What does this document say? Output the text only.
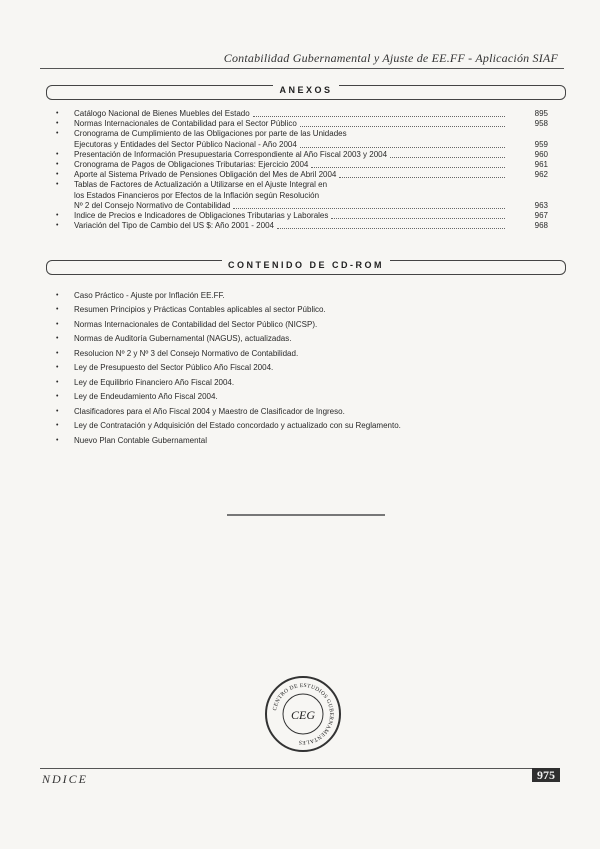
Contabilidad Gubernamental y Ajuste de EE.FF - Aplicación SIAF
ANEXOS
•	Catálogo Nacional de Bienes Muebles del Estado	895
•	Normas Internacionales de Contabilidad para el Sector Público	958
•	Cronograma de Cumplimiento de las Obligaciones por parte de las Unidades
Ejecutoras y Entidades del Sector Público Nacional - Año 2004	959
•	Presentación de Información Presupuestaria Correspondiente al Año Fiscal 2003 y 2004	960
•	Cronograma de Pagos de Obligaciones Tributarias: Ejercicio 2004	961
•	Aporte al Sistema Privado de Pensiones Obligación del Mes de Abril 2004	962
•	Tablas de Factores de Actualización a Utilizarse en el Ajuste Integral en
los Estados Financieros por Efectos de la Inflación según Resolución
Nº 2 del Consejo Normativo de Contabilidad	963
•	Indice de Precios e Indicadores de Obligaciones Tributarias y Laborales	967
•	Variación del Tipo de Cambio del US $: Año 2001 - 2004	968
CONTENIDO DE CD-ROM
•	Caso Práctico - Ajuste por Inflación EE.FF.
•	Resumen Principios y Prácticas Contables aplicables al sector Público.
•	Normas Internacionales de Contabilidad del Sector Público (NICSP).
•	Normas de Auditoría Gubernamental (NAGUS), actualizadas.
•	Resolucion Nº 2 y Nº 3 del Consejo Normativo de Contabilidad.
•	Ley de Presupuesto del Sector Público Año Fiscal 2004.
•	Ley de Equilibrio Financiero Año Fiscal 2004.
•	Ley de Endeudamiento Año Fiscal 2004.
•	Clasificadores para el Año Fiscal 2004 y Maestro de Clasificador de Ingreso.
•	Ley de Contratación y Adquisición del Estado concordado y actualizado con su Reglamento.
•	Nuevo Plan Contable Gubernamental
CENTRO DE ESTUDIOS GUBERNAMENTALES
CEG
NDICE	975
